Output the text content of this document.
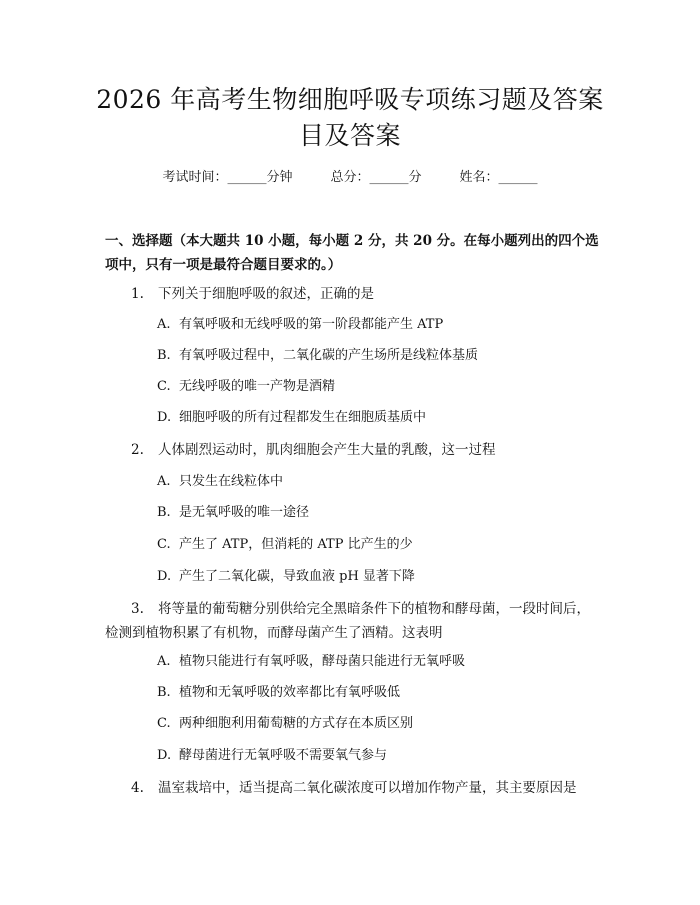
2026 年高考生物细胞呼吸专项练习题及答案
目及答案
考试时间：______分钟	总分：______分	姓名：______
一、选择题（本大题共 10 小题，每小题 2 分，共 20 分。在每小题列出的四个选
项中，只有一项是最符合题目要求的。）
1. 下列关于细胞呼吸的叙述，正确的是
A. 有氧呼吸和无线呼吸的第一阶段都能产生 ATP
B. 有氧呼吸过程中，二氧化碳的产生场所是线粒体基质
C. 无线呼吸的唯一产物是酒精
D. 细胞呼吸的所有过程都发生在细胞质基质中
2. 人体剧烈运动时，肌肉细胞会产生大量的乳酸，这一过程
A. 只发生在线粒体中
B. 是无氧呼吸的唯一途径
C. 产生了 ATP，但消耗的 ATP 比产生的少
D. 产生了二氧化碳，导致血液 pH 显著下降
3. 将等量的葡萄糖分别供给完全黑暗条件下的植物和酵母菌，一段时间后，
检测到植物积累了有机物，而酵母菌产生了酒精。这表明
A. 植物只能进行有氧呼吸，酵母菌只能进行无氧呼吸
B. 植物和无氧呼吸的效率都比有氧呼吸低
C. 两种细胞利用葡萄糖的方式存在本质区别
D. 酵母菌进行无氧呼吸不需要氧气参与
4. 温室栽培中，适当提高二氧化碳浓度可以增加作物产量，其主要原因是
